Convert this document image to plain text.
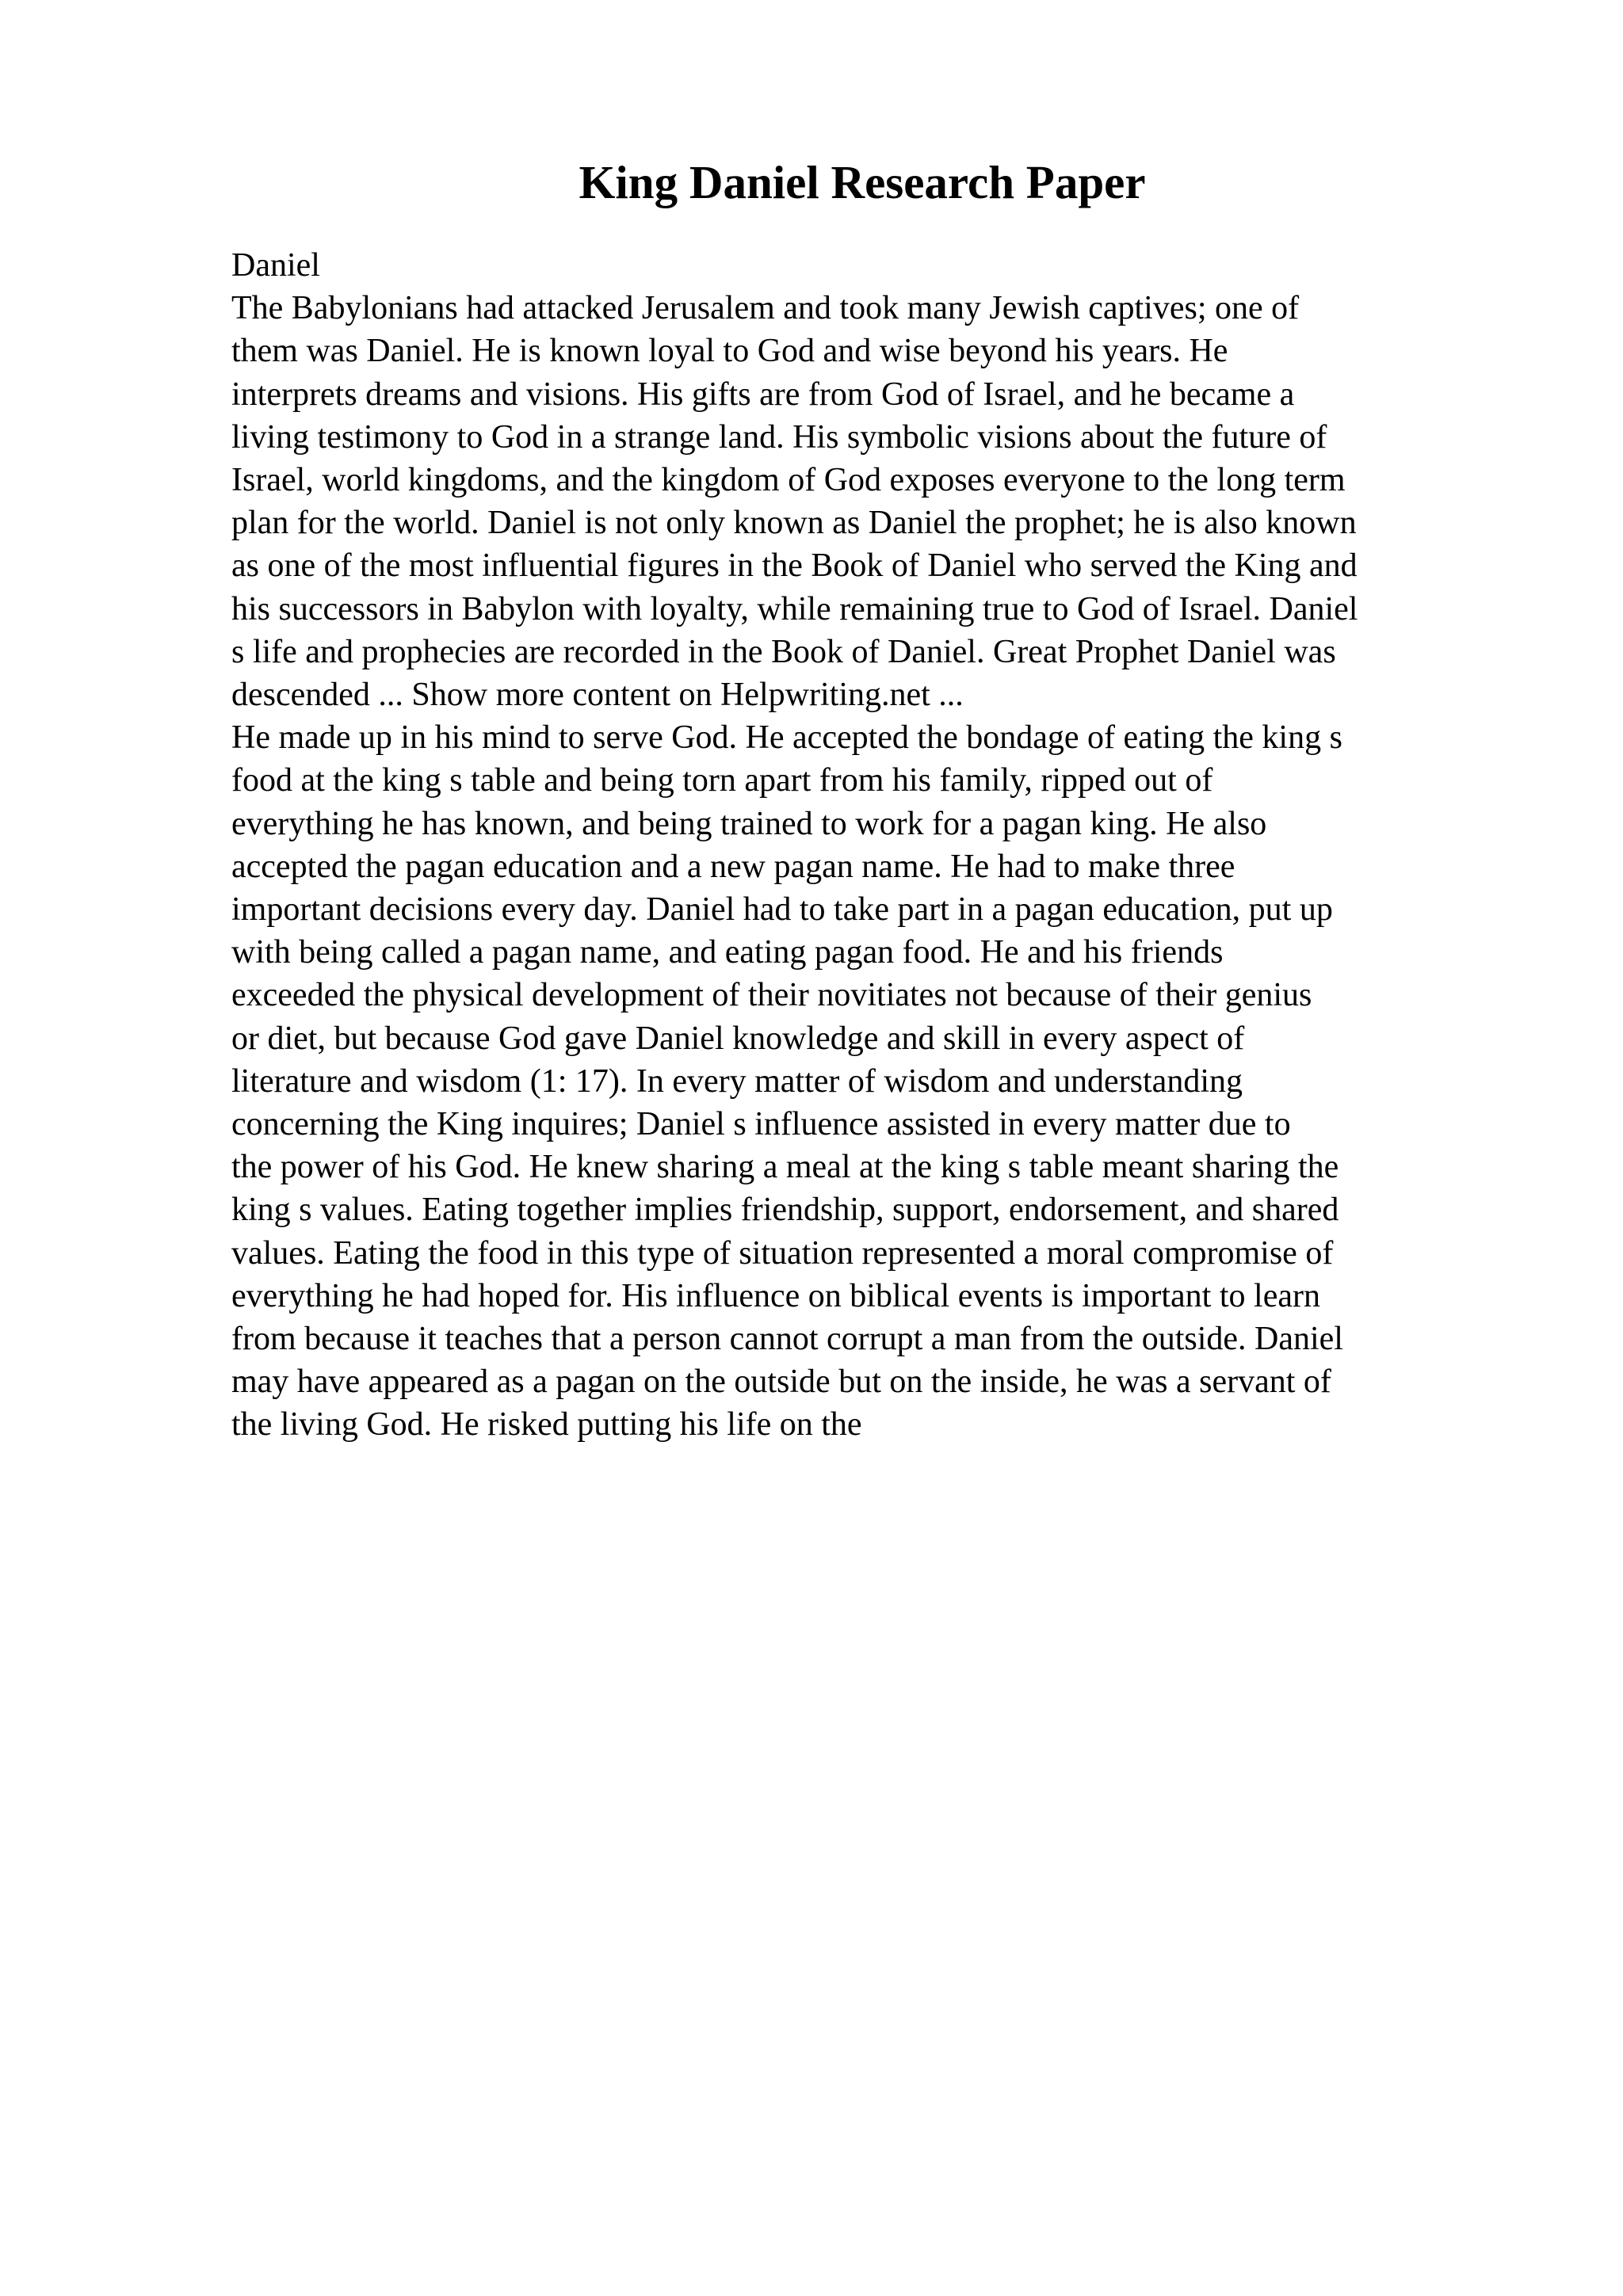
King Daniel Research Paper
Daniel
The Babylonians had attacked Jerusalem and took many Jewish captives; one of
them was Daniel. He is known loyal to God and wise beyond his years. He
interprets dreams and visions. His gifts are from God of Israel, and he became a
living testimony to God in a strange land. His symbolic visions about the future of
Israel, world kingdoms, and the kingdom of God exposes everyone to the long term
plan for the world. Daniel is not only known as Daniel the prophet; he is also known
as one of the most influential figures in the Book of Daniel who served the King and
his successors in Babylon with loyalty, while remaining true to God of Israel. Daniel
s life and prophecies are recorded in the Book of Daniel. Great Prophet Daniel was
descended ... Show more content on Helpwriting.net ...
He made up in his mind to serve God. He accepted the bondage of eating the king s
food at the king s table and being torn apart from his family, ripped out of
everything he has known, and being trained to work for a pagan king. He also
accepted the pagan education and a new pagan name. He had to make three
important decisions every day. Daniel had to take part in a pagan education, put up
with being called a pagan name, and eating pagan food. He and his friends
exceeded the physical development of their novitiates not because of their genius
or diet, but because God gave Daniel knowledge and skill in every aspect of
literature and wisdom (1: 17). In every matter of wisdom and understanding
concerning the King inquires; Daniel s influence assisted in every matter due to
the power of his God. He knew sharing a meal at the king s table meant sharing the
king s values. Eating together implies friendship, support, endorsement, and shared
values. Eating the food in this type of situation represented a moral compromise of
everything he had hoped for. His influence on biblical events is important to learn
from because it teaches that a person cannot corrupt a man from the outside. Daniel
may have appeared as a pagan on the outside but on the inside, he was a servant of
the living God. He risked putting his life on the
